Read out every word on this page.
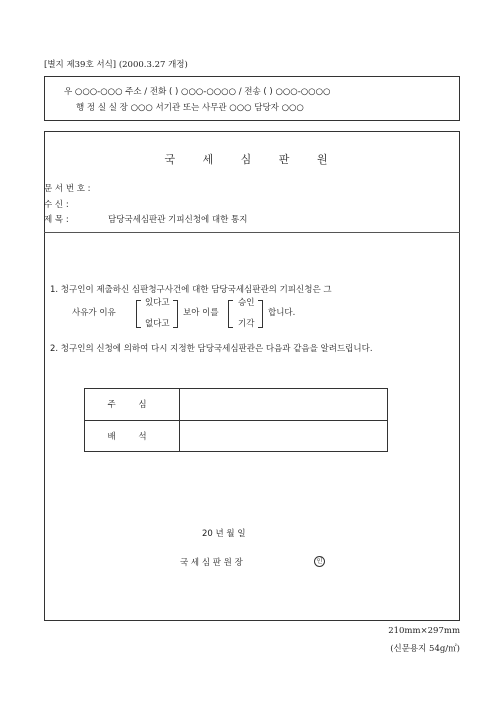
[별지 제39호 서식] (2000.3.27 개정)
우 ○○○-○○○ 주소 / 전화 ( ) ○○○-○○○○ / 전송 ( ) ○○○-○○○○
행 정 실 실 장 ○○○ 서기관 또는 사무관 ○○○ 담당자 ○○○
국 세 심 판 원
문 서 번 호 :
수 신 :
제 목 :	담당국세심판관 기피신청에 대한 통지
1. 청구인이 제출하신 심판청구사건에 대한 담당국세심판관의 기피신청은 그
사유가 이유
있다고
없다고
보아 이를
승인
기각
합니다.
2. 청구인의 신청에 의하여 다시 지정한 담당국세심판관은 다음과 같음을 알려드립니다.
주 심	
배 석	
20 년 월 일
국 세 심 판 원 장	인
210mm×297mm
(신문용지 54g/㎡)
